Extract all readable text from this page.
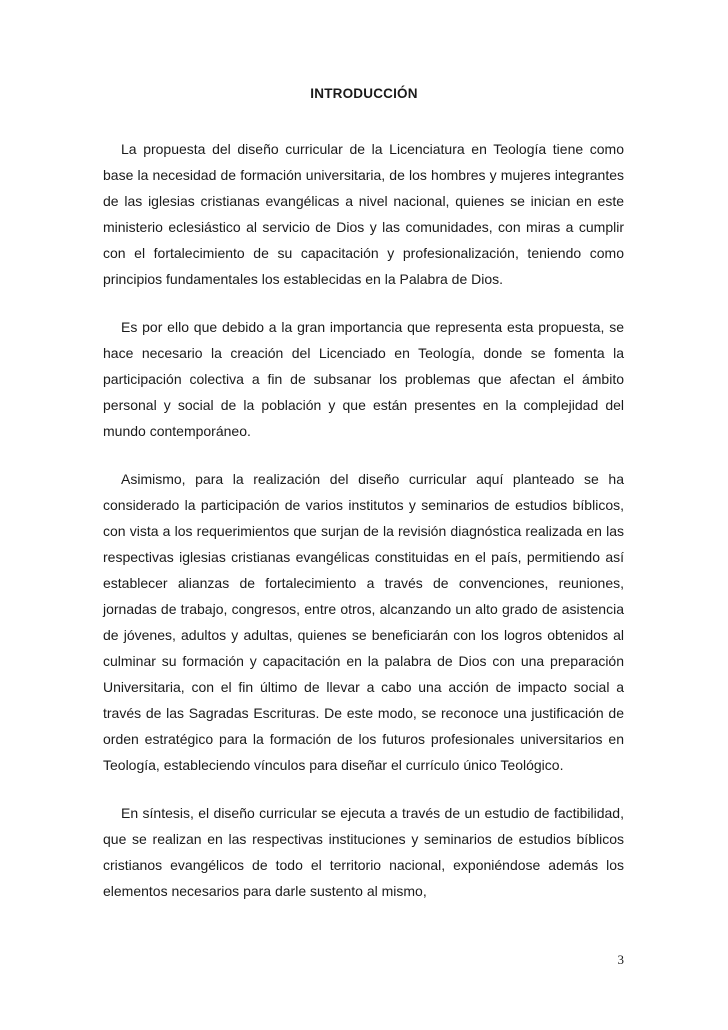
INTRODUCCIÓN

La propuesta del diseño curricular de la Licenciatura en Teología tiene como base la necesidad de formación universitaria, de los hombres y mujeres integrantes de las iglesias cristianas evangélicas a nivel nacional, quienes se inician en este ministerio eclesiástico al servicio de Dios y las comunidades, con miras a cumplir con el fortalecimiento de su capacitación y profesionalización, teniendo como principios fundamentales los establecidas en la Palabra de Dios.

Es por ello que debido a la gran importancia que representa esta propuesta, se hace necesario la creación del Licenciado en Teología, donde se fomenta la participación colectiva a fin de subsanar los problemas que afectan el ámbito personal y social de la población y que están presentes en la complejidad del mundo contemporáneo.

Asimismo, para la realización del diseño curricular aquí planteado se ha considerado la participación de varios institutos y seminarios de estudios bíblicos, con vista a los requerimientos que surjan de la revisión diagnóstica realizada en las respectivas iglesias cristianas evangélicas constituidas en el país, permitiendo así establecer alianzas de fortalecimiento a través de convenciones, reuniones, jornadas de trabajo, congresos, entre otros, alcanzando un alto grado de asistencia de jóvenes, adultos y adultas, quienes se beneficiarán con los logros obtenidos al culminar su formación y capacitación en la palabra de Dios con una preparación Universitaria, con el fin último de llevar a cabo una acción de impacto social a través de las Sagradas Escrituras. De este modo, se reconoce una justificación de orden estratégico para la formación de los futuros profesionales universitarios en Teología, estableciendo vínculos para diseñar el currículo único Teológico.

En síntesis, el diseño curricular se ejecuta a través de un estudio de factibilidad, que se realizan en las respectivas instituciones y seminarios de estudios bíblicos cristianos evangélicos de todo el territorio nacional, exponiéndose además los elementos necesarios para darle sustento al mismo,

3
